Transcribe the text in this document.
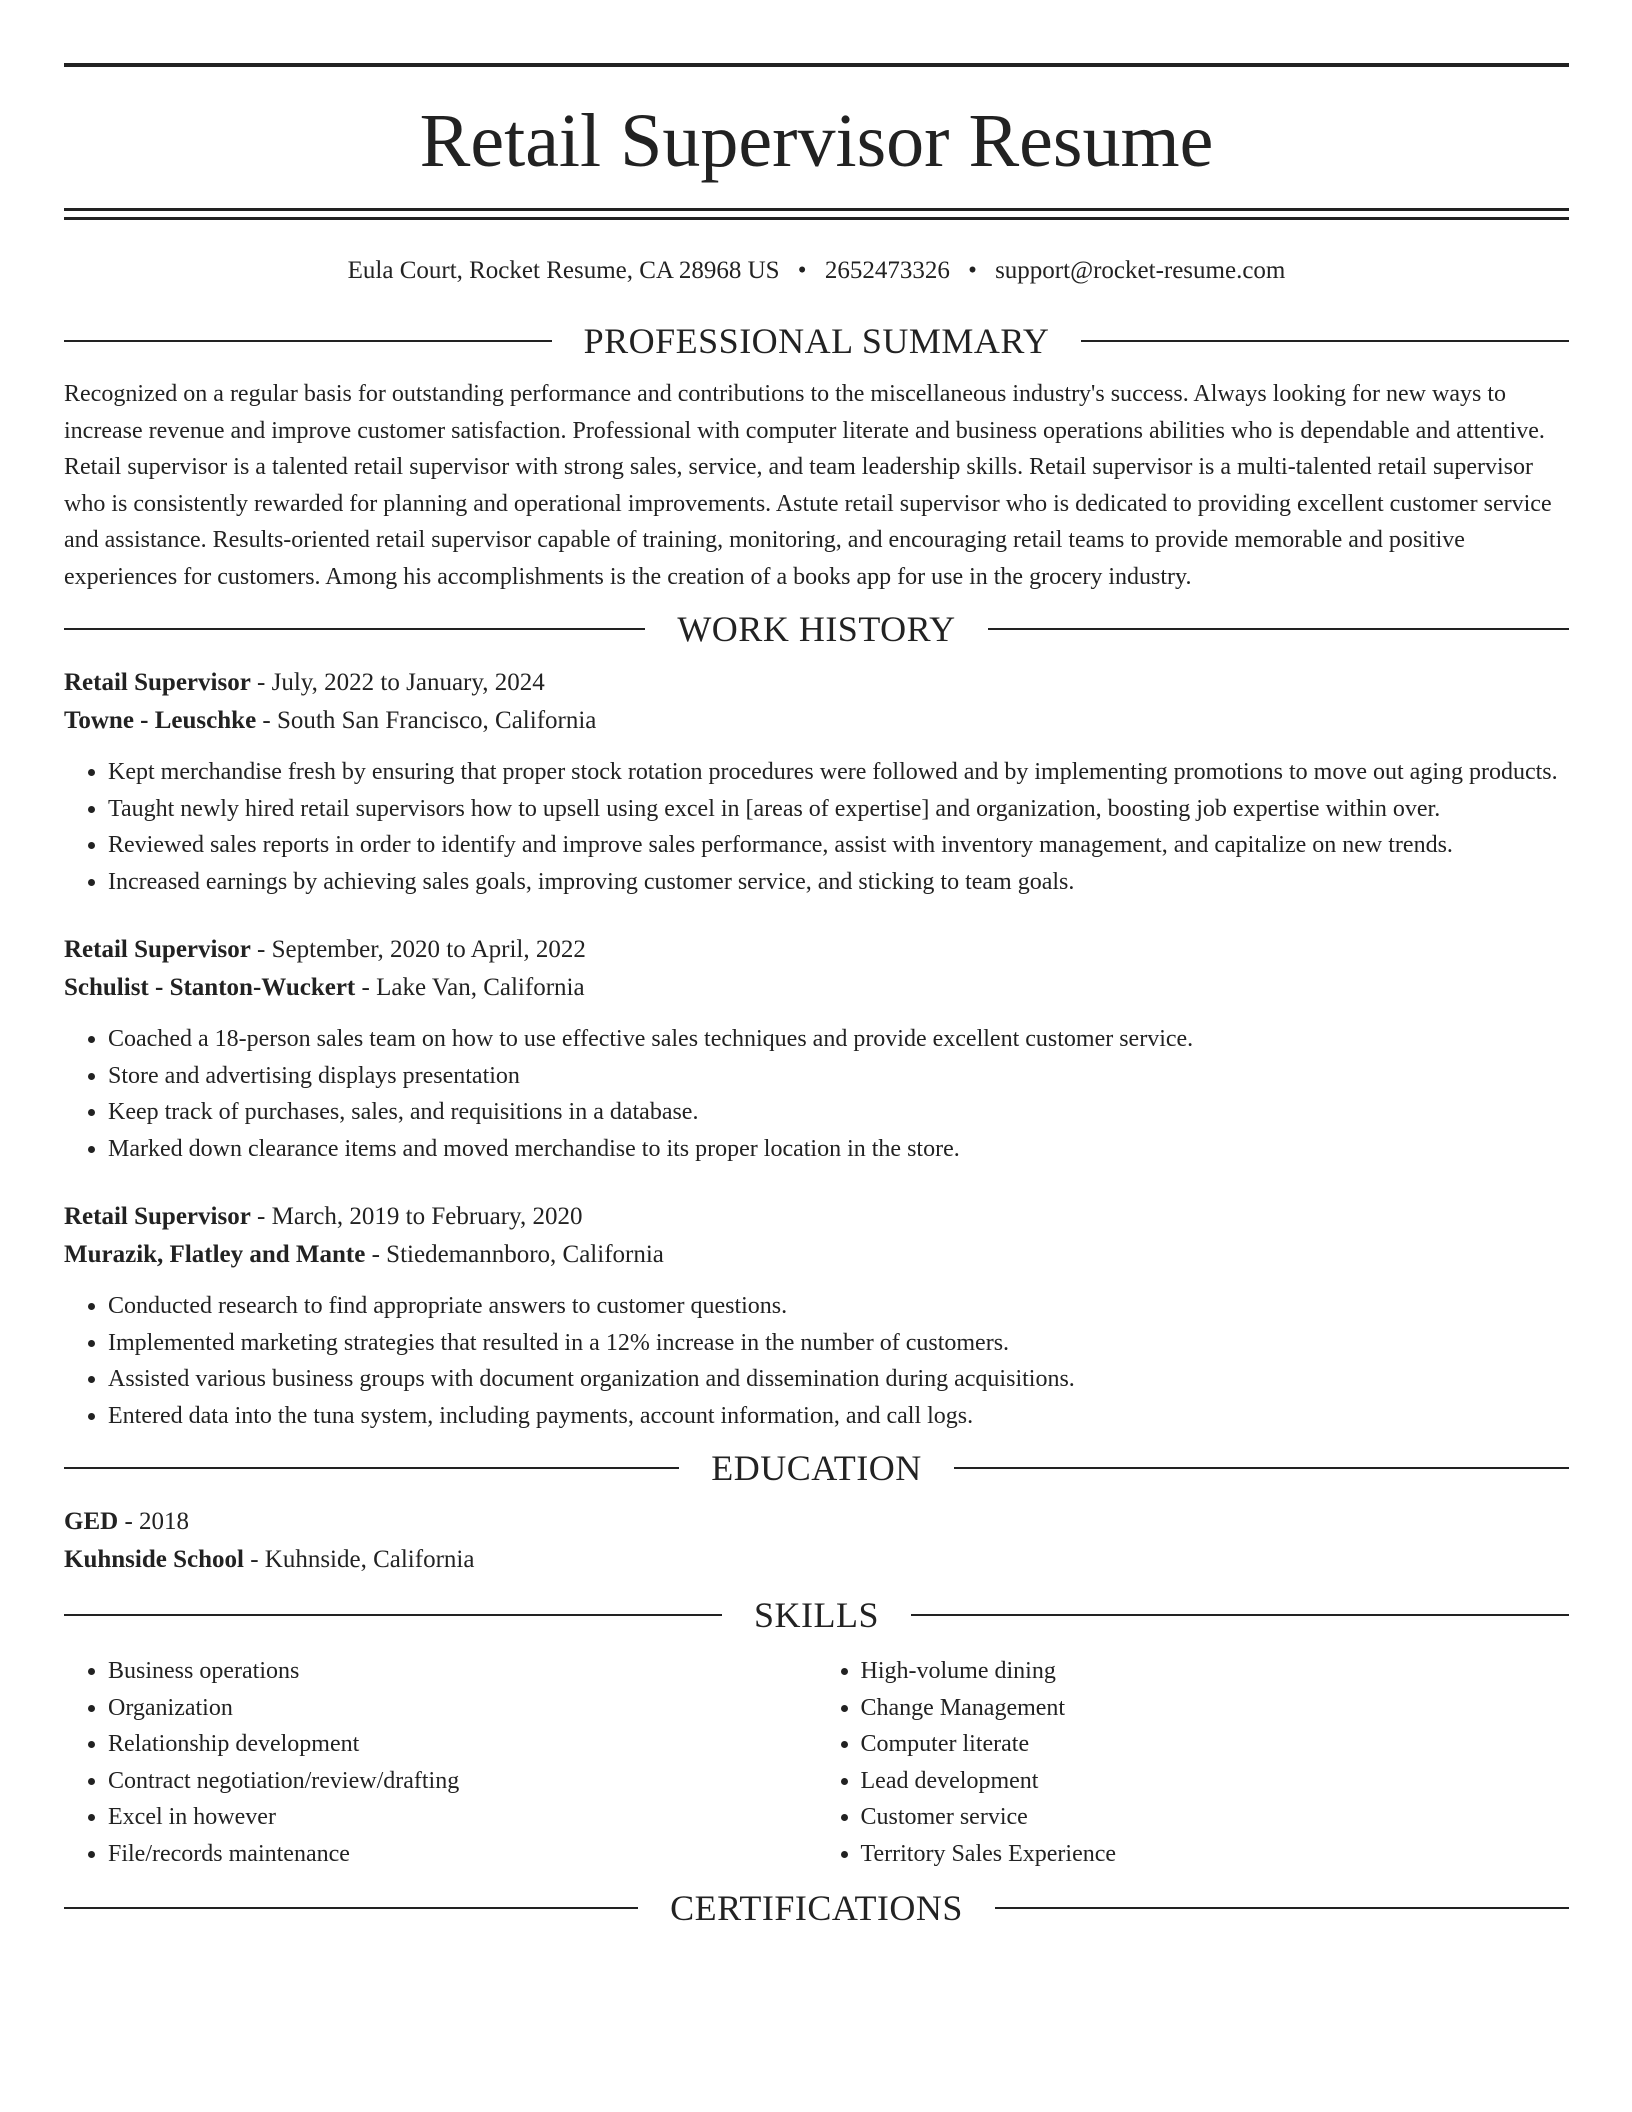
Retail Supervisor Resume
Eula Court, Rocket Resume, CA 28968 US • 2652473326 • support@rocket-resume.com
PROFESSIONAL SUMMARY

Recognized on a regular basis for outstanding performance and contributions to the miscellaneous industry's success. Always looking for new ways to increase revenue and improve customer satisfaction. Professional with computer literate and business operations abilities who is dependable and attentive. Retail supervisor is a talented retail supervisor with strong sales, service, and team leadership skills. Retail supervisor is a multi-talented retail supervisor who is consistently rewarded for planning and operational improvements. Astute retail supervisor who is dedicated to providing excellent customer service and assistance. Results-oriented retail supervisor capable of training, monitoring, and encouraging retail teams to provide memorable and positive experiences for customers. Among his accomplishments is the creation of a books app for use in the grocery industry.

WORK HISTORY
Retail Supervisor - July, 2022 to January, 2024
Towne - Leuschke - South San Francisco, California
• Kept merchandise fresh by ensuring that proper stock rotation procedures were followed and by implementing promotions to move out aging products.
• Taught newly hired retail supervisors how to upsell using excel in [areas of expertise] and organization, boosting job expertise within over.
• Reviewed sales reports in order to identify and improve sales performance, assist with inventory management, and capitalize on new trends.
• Increased earnings by achieving sales goals, improving customer service, and sticking to team goals.
Retail Supervisor - September, 2020 to April, 2022
Schulist - Stanton-Wuckert - Lake Van, California
• Coached a 18-person sales team on how to use effective sales techniques and provide excellent customer service.
• Store and advertising displays presentation
• Keep track of purchases, sales, and requisitions in a database.
• Marked down clearance items and moved merchandise to its proper location in the store.
Retail Supervisor - March, 2019 to February, 2020
Murazik, Flatley and Mante - Stiedemannboro, California
• Conducted research to find appropriate answers to customer questions.
• Implemented marketing strategies that resulted in a 12% increase in the number of customers.
• Assisted various business groups with document organization and dissemination during acquisitions.
• Entered data into the tuna system, including payments, account information, and call logs.
EDUCATION
GED - 2018
Kuhnside School - Kuhnside, California
SKILLS
• Business operations
• Organization
• Relationship development
• Contract negotiation/review/drafting
• Excel in however
• File/records maintenance
• High-volume dining
• Change Management
• Computer literate
• Lead development
• Customer service
• Territory Sales Experience
CERTIFICATIONS
